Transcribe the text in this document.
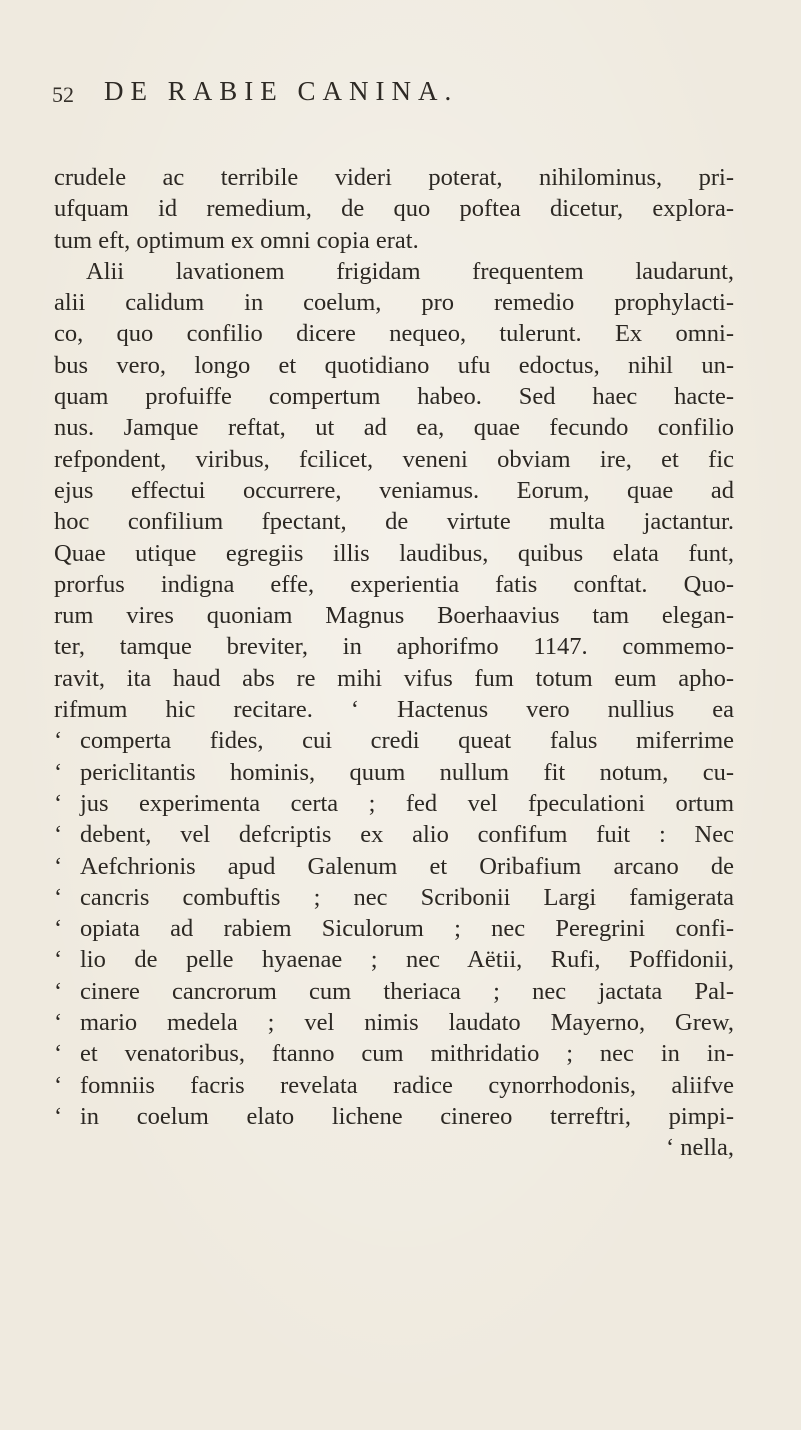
52 DE RABIE CANINA.
crudele ac terribile videri poterat, nihilominus, pri-
ufquam id remedium, de quo poftea dicetur, explora-
tum eft, optimum ex omni copia erat.
Alii lavationem frigidam frequentem laudarunt,
alii calidum in coelum, pro remedio prophylacti-
co, quo confilio dicere nequeo, tulerunt. Ex omni-
bus vero, longo et quotidiano ufu edoctus, nihil un-
quam profuiffe compertum habeo. Sed haec hacte-
nus. Jamque reftat, ut ad ea, quae fecundo confilio
refpondent, viribus, fcilicet, veneni obviam ire, et fic
ejus effectui occurrere, veniamus. Eorum, quae ad
hoc confilium fpectant, de virtute multa jactantur.
Quae utique egregiis illis laudibus, quibus elata funt,
prorfus indigna effe, experientia fatis conftat. Quo-
rum vires quoniam Magnus Boerhaavius tam elegan-
ter, tamque breviter, in aphorifmo 1147. commemo-
ravit, ita haud abs re mihi vifus fum totum eum apho-
rifmum hic recitare. ‘ Hactenus vero nullius ea
‘ comperta fides, cui credi queat falus miferrime
‘ periclitantis hominis, quum nullum fit notum, cu-
‘ jus experimenta certa ; fed vel fpeculationi ortum
‘ debent, vel defcriptis ex alio confifum fuit : Nec
‘ Aefchrionis apud Galenum et Oribafium arcano de
‘ cancris combuftis ; nec Scribonii Largi famigerata
‘ opiata ad rabiem Siculorum ; nec Peregrini confi-
‘ lio de pelle hyaenae ; nec Aëtii, Rufi, Poffidonii,
‘ cinere cancrorum cum theriaca ; nec jactata Pal-
‘ mario medela ; vel nimis laudato Mayerno, Grew,
‘ et venatoribus, ftanno cum mithridatio ; nec in in-
‘ fomniis facris revelata radice cynorrhodonis, aliifve
‘ in coelum elato lichene cinereo terreftri, pimpi-
‘ nella,
